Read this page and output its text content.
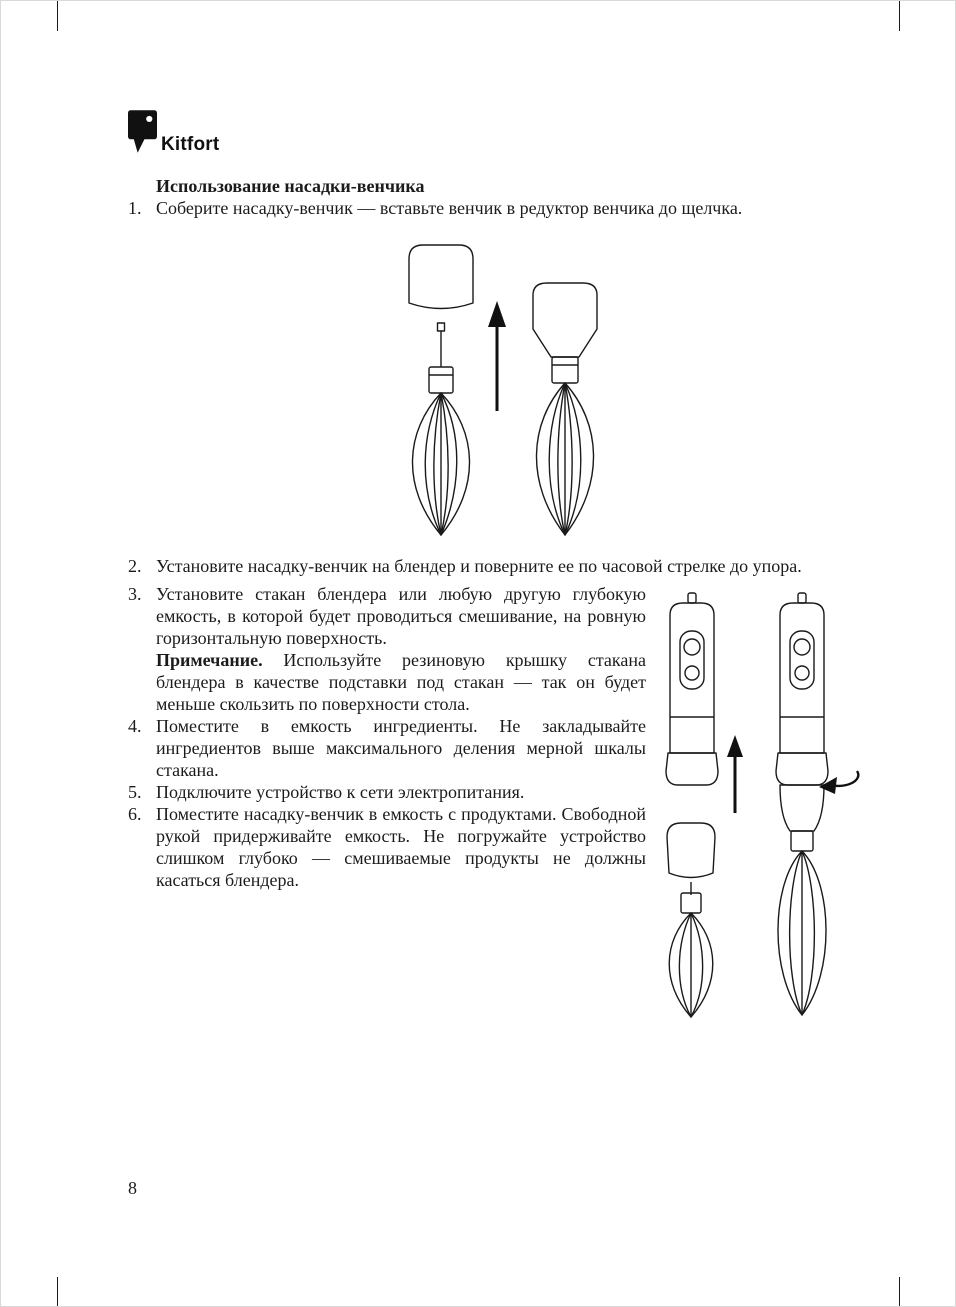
Kitfort
Использование насадки-венчика
1. Соберите насадку-венчик — вставьте венчик в редуктор венчика до щелчка.
2. Установите насадку-венчик на блендер и поверните ее по часовой стрелке до упора.
3. Установите стакан блендера или любую другую глубокую емкость, в которой будет проводиться смешивание, на ровную горизонтальную поверхность.
Примечание. Используйте резиновую крышку стакана блендера в качестве подставки под стакан — так он будет меньше скользить по поверхности стола.
4. Поместите в емкость ингредиенты. Не закладывайте ингредиентов выше максимального деления мерной шкалы стакана.
5. Подключите устройство к сети электропитания.
6. Поместите насадку-венчик в емкость с продуктами. Свободной рукой придерживайте емкость. Не погружайте устройство слишком глубоко — смешиваемые продукты не должны касаться блендера.
8
